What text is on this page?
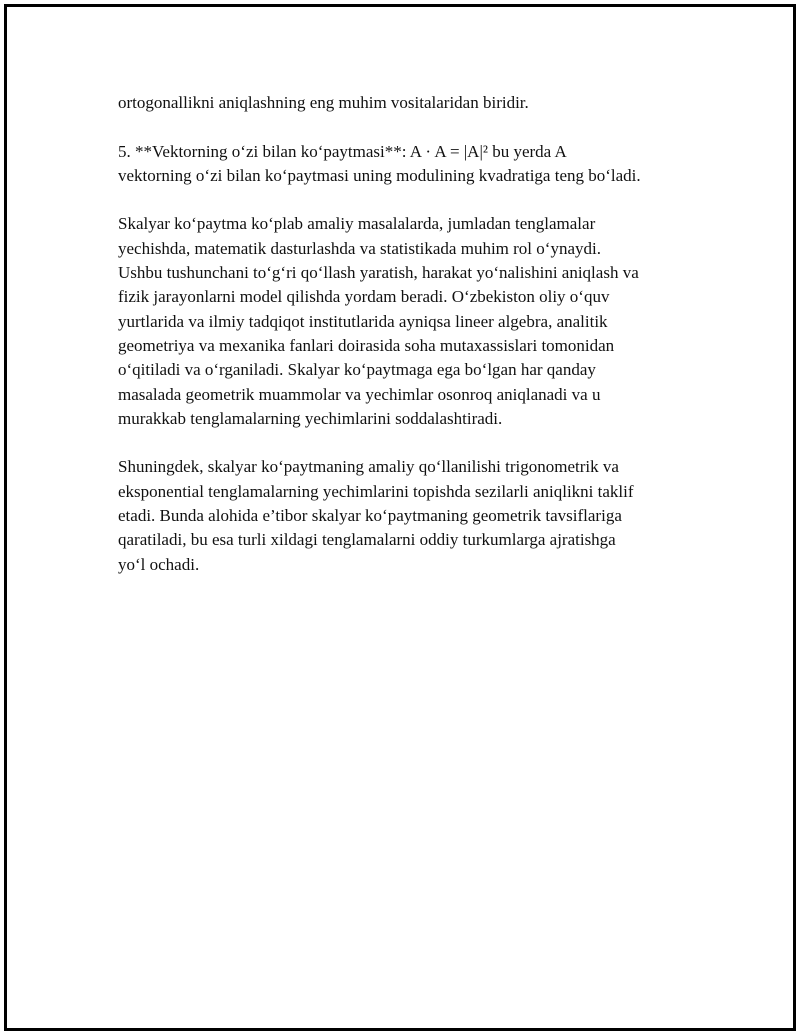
ortogonallikni aniqlashning eng muhim vositalaridan biridir.
5. **Vektorning o‘zi bilan ko‘paytmasi**: A · A = |A|² bu yerda A
vektorning o‘zi bilan ko‘paytmasi uning modulining kvadratiga teng bo‘ladi.
Skalyar ko‘paytma ko‘plab amaliy masalalarda, jumladan tenglamalar
yechishda, matematik dasturlashda va statistikada muhim rol o‘ynaydi.
Ushbu tushunchani to‘g‘ri qo‘llash yaratish, harakat yo‘nalishini aniqlash va
fizik jarayonlarni model qilishda yordam beradi. O‘zbekiston oliy o‘quv
yurtlarida va ilmiy tadqiqot institutlarida ayniqsa lineer algebra, analitik
geometriya va mexanika fanlari doirasida soha mutaxassislari tomonidan
o‘qitiladi va o‘rganiladi. Skalyar ko‘paytmaga ega bo‘lgan har qanday
masalada geometrik muammolar va yechimlar osonroq aniqlanadi va u
murakkab tenglamalarning yechimlarini soddalashtiradi.
Shuningdek, skalyar ko‘paytmaning amaliy qo‘llanilishi trigonometrik va
eksponential tenglamalarning yechimlarini topishda sezilarli aniqlikni taklif
etadi. Bunda alohida e’tibor skalyar ko‘paytmaning geometrik tavsiflariga
qaratiladi, bu esa turli xildagi tenglamalarni oddiy turkumlarga ajratishga
yo‘l ochadi.
